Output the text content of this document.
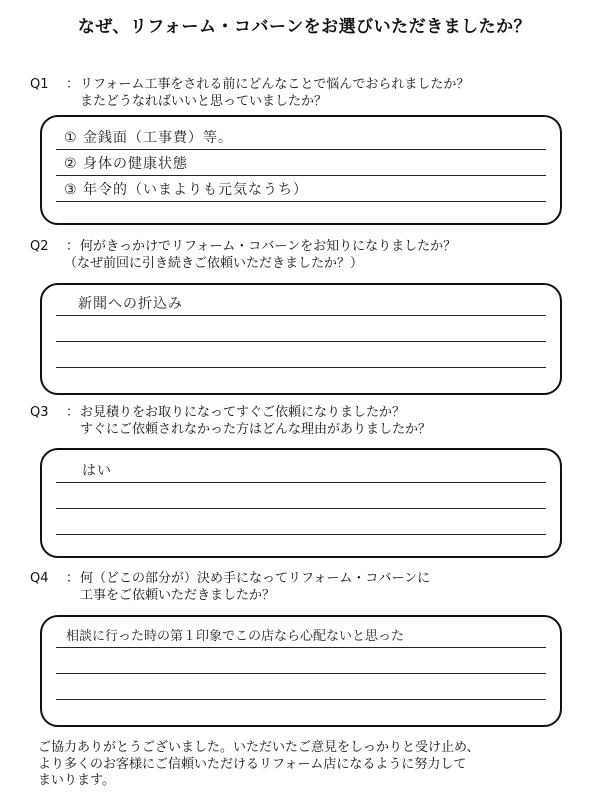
なぜ、リフォーム・コバーンをお選びいただきましたか？
Q1 ：リフォーム工事をされる前にどんなことで悩んでおられましたか？
またどうなればいいと思っていましたか？
① 金銭面（工事費）等。
② 身体の健康状態
③ 年令的（いまよりも元気なうち）
Q2 ：何がきっかけでリフォーム・コバーンをお知りになりましたか？
（なぜ前回に引き続きご依頼いただきましたか？）
新聞への折込み
Q3 ：お見積りをお取りになってすぐご依頼になりましたか？
すぐにご依頼されなかった方はどんな理由がありましたか？
はい
Q4 ：何（どこの部分が）決め手になってリフォーム・コバーンに
工事をご依頼いただきましたか？
相談に行った時の第１印象でこの店なら心配ないと思った
ご協力ありがとうございました。いただいたご意見をしっかりと受け止め、
より多くのお客様にご信頼いただけるリフォーム店になるように努力して
まいります。
